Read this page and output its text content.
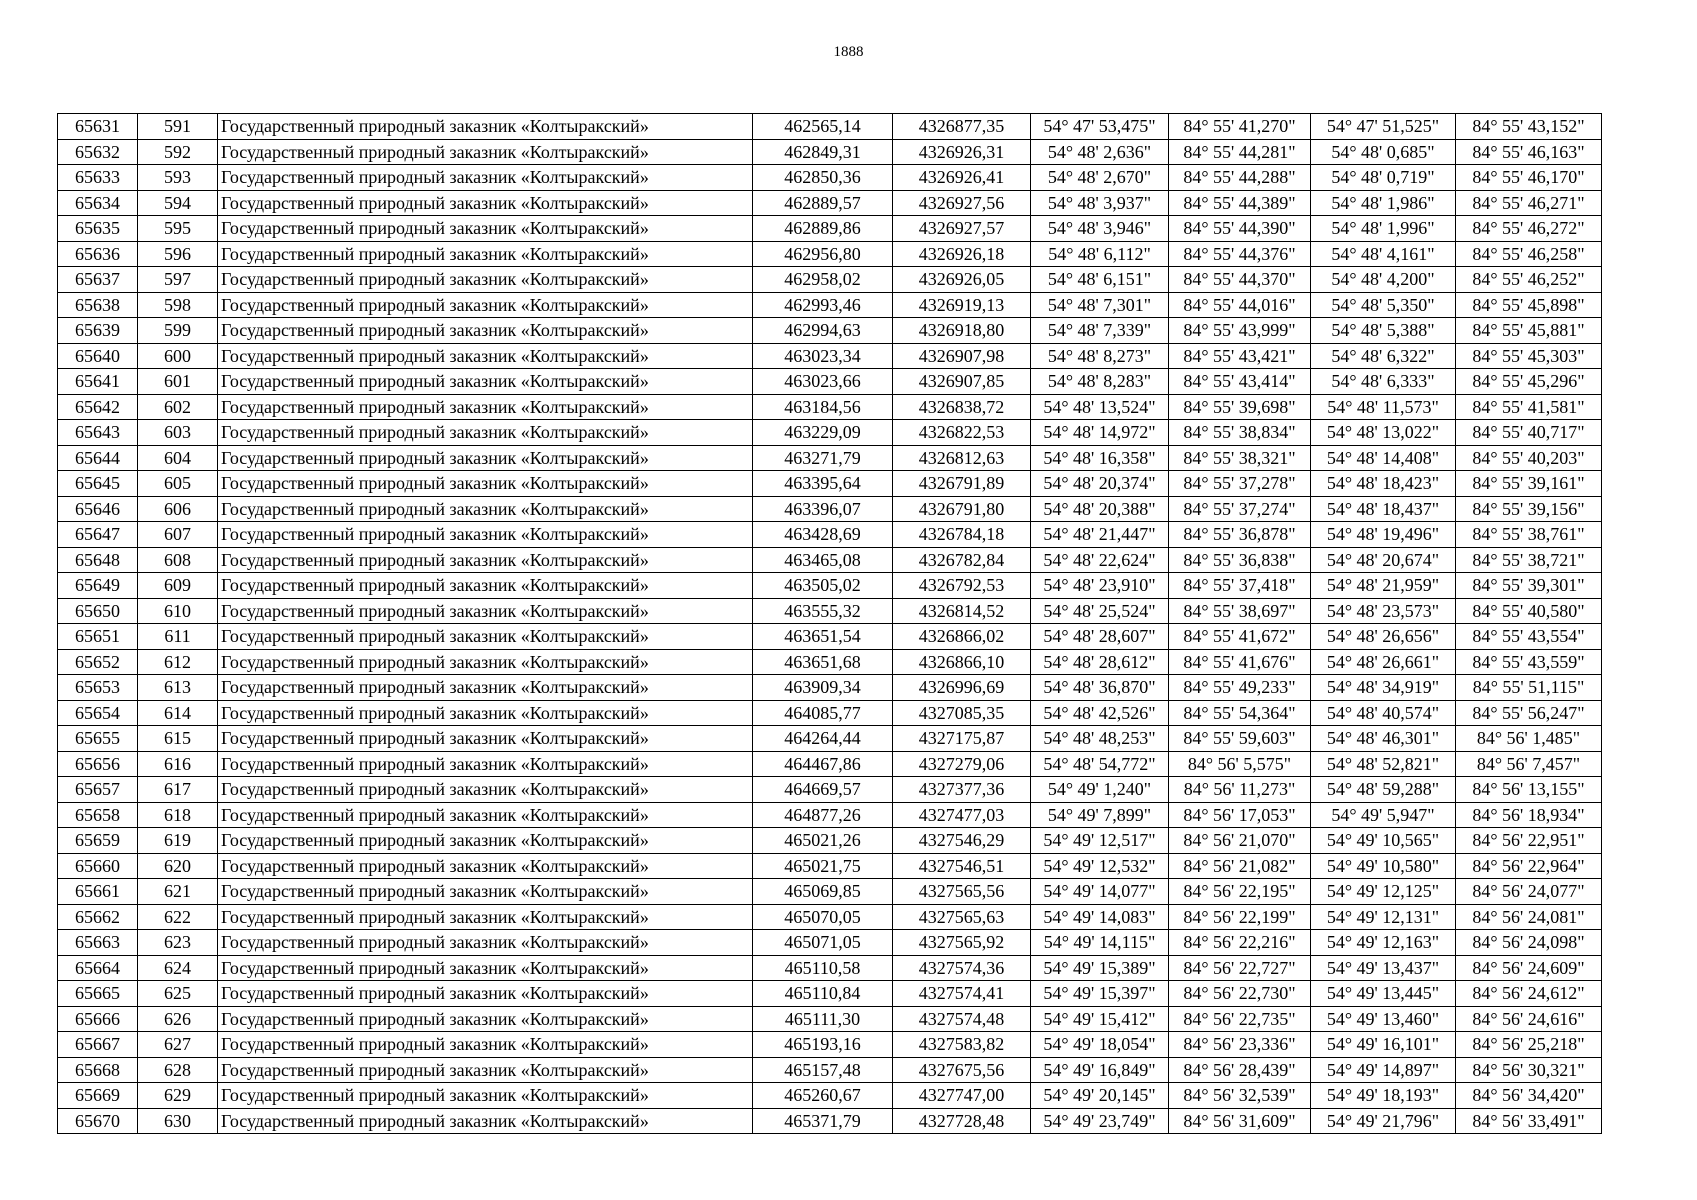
1888
65631	591	Государственный природный заказник «Колтыракский»	462565,14	4326877,35	54° 47' 53,475"	84° 55' 41,270"	54° 47' 51,525"	84° 55' 43,152"
65632	592	Государственный природный заказник «Колтыракский»	462849,31	4326926,31	54° 48' 2,636"	84° 55' 44,281"	54° 48' 0,685"	84° 55' 46,163"
65633	593	Государственный природный заказник «Колтыракский»	462850,36	4326926,41	54° 48' 2,670"	84° 55' 44,288"	54° 48' 0,719"	84° 55' 46,170"
65634	594	Государственный природный заказник «Колтыракский»	462889,57	4326927,56	54° 48' 3,937"	84° 55' 44,389"	54° 48' 1,986"	84° 55' 46,271"
65635	595	Государственный природный заказник «Колтыракский»	462889,86	4326927,57	54° 48' 3,946"	84° 55' 44,390"	54° 48' 1,996"	84° 55' 46,272"
65636	596	Государственный природный заказник «Колтыракский»	462956,80	4326926,18	54° 48' 6,112"	84° 55' 44,376"	54° 48' 4,161"	84° 55' 46,258"
65637	597	Государственный природный заказник «Колтыракский»	462958,02	4326926,05	54° 48' 6,151"	84° 55' 44,370"	54° 48' 4,200"	84° 55' 46,252"
65638	598	Государственный природный заказник «Колтыракский»	462993,46	4326919,13	54° 48' 7,301"	84° 55' 44,016"	54° 48' 5,350"	84° 55' 45,898"
65639	599	Государственный природный заказник «Колтыракский»	462994,63	4326918,80	54° 48' 7,339"	84° 55' 43,999"	54° 48' 5,388"	84° 55' 45,881"
65640	600	Государственный природный заказник «Колтыракский»	463023,34	4326907,98	54° 48' 8,273"	84° 55' 43,421"	54° 48' 6,322"	84° 55' 45,303"
65641	601	Государственный природный заказник «Колтыракский»	463023,66	4326907,85	54° 48' 8,283"	84° 55' 43,414"	54° 48' 6,333"	84° 55' 45,296"
65642	602	Государственный природный заказник «Колтыракский»	463184,56	4326838,72	54° 48' 13,524"	84° 55' 39,698"	54° 48' 11,573"	84° 55' 41,581"
65643	603	Государственный природный заказник «Колтыракский»	463229,09	4326822,53	54° 48' 14,972"	84° 55' 38,834"	54° 48' 13,022"	84° 55' 40,717"
65644	604	Государственный природный заказник «Колтыракский»	463271,79	4326812,63	54° 48' 16,358"	84° 55' 38,321"	54° 48' 14,408"	84° 55' 40,203"
65645	605	Государственный природный заказник «Колтыракский»	463395,64	4326791,89	54° 48' 20,374"	84° 55' 37,278"	54° 48' 18,423"	84° 55' 39,161"
65646	606	Государственный природный заказник «Колтыракский»	463396,07	4326791,80	54° 48' 20,388"	84° 55' 37,274"	54° 48' 18,437"	84° 55' 39,156"
65647	607	Государственный природный заказник «Колтыракский»	463428,69	4326784,18	54° 48' 21,447"	84° 55' 36,878"	54° 48' 19,496"	84° 55' 38,761"
65648	608	Государственный природный заказник «Колтыракский»	463465,08	4326782,84	54° 48' 22,624"	84° 55' 36,838"	54° 48' 20,674"	84° 55' 38,721"
65649	609	Государственный природный заказник «Колтыракский»	463505,02	4326792,53	54° 48' 23,910"	84° 55' 37,418"	54° 48' 21,959"	84° 55' 39,301"
65650	610	Государственный природный заказник «Колтыракский»	463555,32	4326814,52	54° 48' 25,524"	84° 55' 38,697"	54° 48' 23,573"	84° 55' 40,580"
65651	611	Государственный природный заказник «Колтыракский»	463651,54	4326866,02	54° 48' 28,607"	84° 55' 41,672"	54° 48' 26,656"	84° 55' 43,554"
65652	612	Государственный природный заказник «Колтыракский»	463651,68	4326866,10	54° 48' 28,612"	84° 55' 41,676"	54° 48' 26,661"	84° 55' 43,559"
65653	613	Государственный природный заказник «Колтыракский»	463909,34	4326996,69	54° 48' 36,870"	84° 55' 49,233"	54° 48' 34,919"	84° 55' 51,115"
65654	614	Государственный природный заказник «Колтыракский»	464085,77	4327085,35	54° 48' 42,526"	84° 55' 54,364"	54° 48' 40,574"	84° 55' 56,247"
65655	615	Государственный природный заказник «Колтыракский»	464264,44	4327175,87	54° 48' 48,253"	84° 55' 59,603"	54° 48' 46,301"	84° 56' 1,485"
65656	616	Государственный природный заказник «Колтыракский»	464467,86	4327279,06	54° 48' 54,772"	84° 56' 5,575"	54° 48' 52,821"	84° 56' 7,457"
65657	617	Государственный природный заказник «Колтыракский»	464669,57	4327377,36	54° 49' 1,240"	84° 56' 11,273"	54° 48' 59,288"	84° 56' 13,155"
65658	618	Государственный природный заказник «Колтыракский»	464877,26	4327477,03	54° 49' 7,899"	84° 56' 17,053"	54° 49' 5,947"	84° 56' 18,934"
65659	619	Государственный природный заказник «Колтыракский»	465021,26	4327546,29	54° 49' 12,517"	84° 56' 21,070"	54° 49' 10,565"	84° 56' 22,951"
65660	620	Государственный природный заказник «Колтыракский»	465021,75	4327546,51	54° 49' 12,532"	84° 56' 21,082"	54° 49' 10,580"	84° 56' 22,964"
65661	621	Государственный природный заказник «Колтыракский»	465069,85	4327565,56	54° 49' 14,077"	84° 56' 22,195"	54° 49' 12,125"	84° 56' 24,077"
65662	622	Государственный природный заказник «Колтыракский»	465070,05	4327565,63	54° 49' 14,083"	84° 56' 22,199"	54° 49' 12,131"	84° 56' 24,081"
65663	623	Государственный природный заказник «Колтыракский»	465071,05	4327565,92	54° 49' 14,115"	84° 56' 22,216"	54° 49' 12,163"	84° 56' 24,098"
65664	624	Государственный природный заказник «Колтыракский»	465110,58	4327574,36	54° 49' 15,389"	84° 56' 22,727"	54° 49' 13,437"	84° 56' 24,609"
65665	625	Государственный природный заказник «Колтыракский»	465110,84	4327574,41	54° 49' 15,397"	84° 56' 22,730"	54° 49' 13,445"	84° 56' 24,612"
65666	626	Государственный природный заказник «Колтыракский»	465111,30	4327574,48	54° 49' 15,412"	84° 56' 22,735"	54° 49' 13,460"	84° 56' 24,616"
65667	627	Государственный природный заказник «Колтыракский»	465193,16	4327583,82	54° 49' 18,054"	84° 56' 23,336"	54° 49' 16,101"	84° 56' 25,218"
65668	628	Государственный природный заказник «Колтыракский»	465157,48	4327675,56	54° 49' 16,849"	84° 56' 28,439"	54° 49' 14,897"	84° 56' 30,321"
65669	629	Государственный природный заказник «Колтыракский»	465260,67	4327747,00	54° 49' 20,145"	84° 56' 32,539"	54° 49' 18,193"	84° 56' 34,420"
65670	630	Государственный природный заказник «Колтыракский»	465371,79	4327728,48	54° 49' 23,749"	84° 56' 31,609"	54° 49' 21,796"	84° 56' 33,491"
